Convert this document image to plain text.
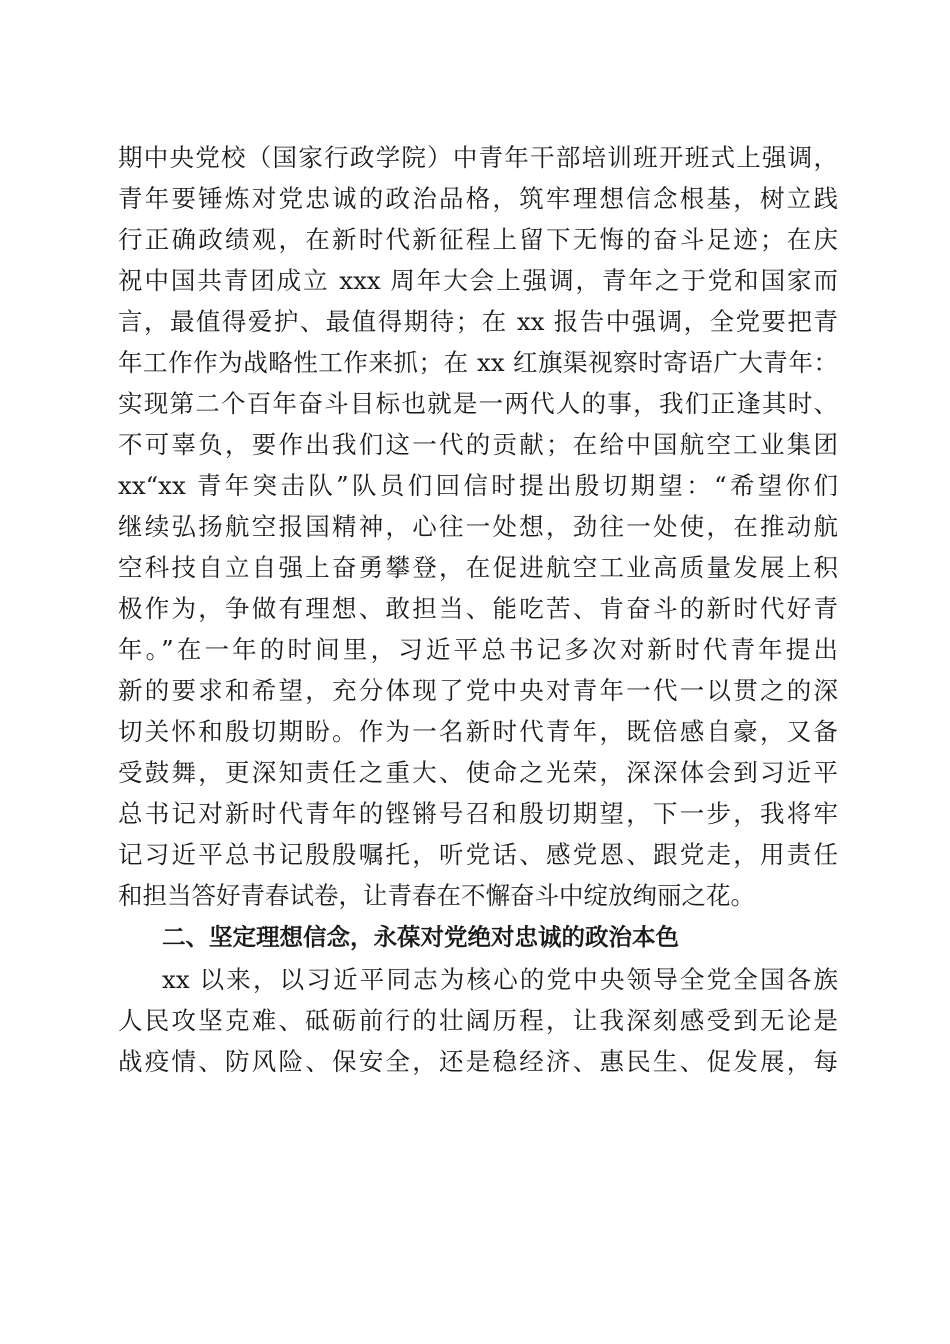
期中央党校（国家行政学院）中青年干部培训班开班式上强调，
青年要锤炼对党忠诚的政治品格，筑牢理想信念根基，树立践
行正确政绩观，在新时代新征程上留下无悔的奋斗足迹；在庆
祝中国共青团成立 xxx 周年大会上强调，青年之于党和国家而
言，最值得爱护、最值得期待；在 xx 报告中强调，全党要把青
年工作作为战略性工作来抓；在 xx 红旗渠视察时寄语广大青年：
实现第二个百年奋斗目标也就是一两代人的事，我们正逢其时、
不可辜负，要作出我们这一代的贡献；在给中国航空工业集团
xx“xx 青年突击队”队员们回信时提出殷切期望：“希望你们
继续弘扬航空报国精神，心往一处想，劲往一处使，在推动航
空科技自立自强上奋勇攀登，在促进航空工业高质量发展上积
极作为，争做有理想、敢担当、能吃苦、肯奋斗的新时代好青
年。”在一年的时间里，习近平总书记多次对新时代青年提出
新的要求和希望，充分体现了党中央对青年一代一以贯之的深
切关怀和殷切期盼。作为一名新时代青年，既倍感自豪，又备
受鼓舞，更深知责任之重大、使命之光荣，深深体会到习近平
总书记对新时代青年的铿锵号召和殷切期望，下一步，我将牢
记习近平总书记殷殷嘱托，听党话、感党恩、跟党走，用责任
和担当答好青春试卷，让青春在不懈奋斗中绽放绚丽之花。
二、坚定理想信念，永葆对党绝对忠诚的政治本色
xx 以来，以习近平同志为核心的党中央领导全党全国各族
人民攻坚克难、砥砺前行的壮阔历程，让我深刻感受到无论是
战疫情、防风险、保安全，还是稳经济、惠民生、促发展，每
